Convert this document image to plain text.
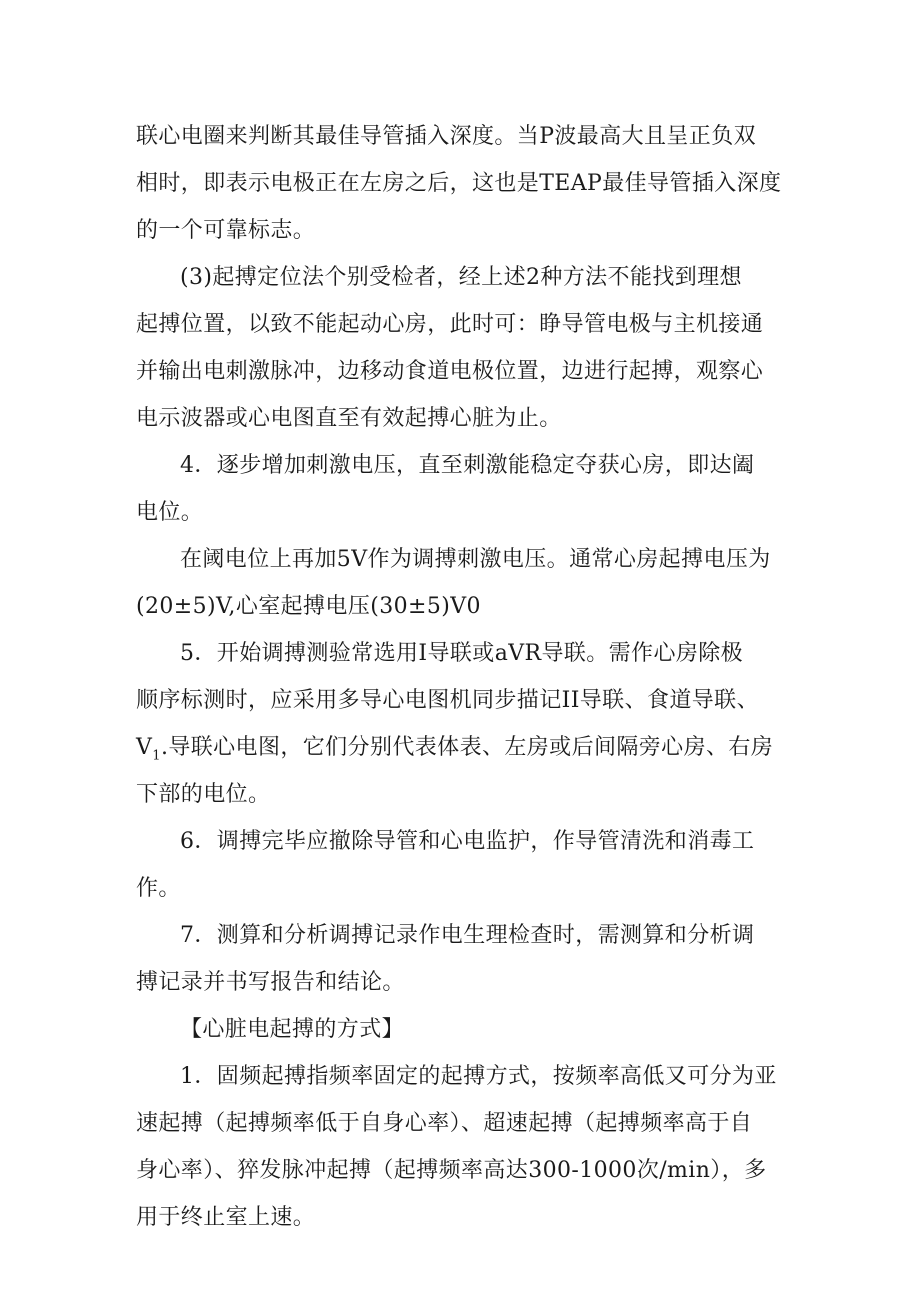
联心电圈来判断其最佳导管插入深度。当P波最高大且呈正负双
相时，即表示电极正在左房之后，这也是TEAP最佳导管插入深度
的一个可靠标志。

(3)起搏定位法个别受检者，经上述2种方法不能找到理想
起搏位置，以致不能起动心房，此时可：睁导管电极与主机接通
并输出电刺激脉冲，边移动食道电极位置，边进行起搏，观察心
电示波器或心电图直至有效起搏心脏为止。

4．逐步增加刺激电压，直至刺激能稳定夺获心房，即达阖
电位。

在阈电位上再加5V作为调搏刺激电压。通常心房起搏电压为
(20±5)V,心室起搏电压(30±5)V0

5．开始调搏测验常选用I导联或aVR导联。需作心房除极
顺序标测时，应采用多导心电图机同步描记II导联、食道导联、
$V_1$.导联心电图，它们分别代表体表、左房或后间隔旁心房、右房
下部的电位。

6．调搏完毕应撤除导管和心电监护，作导管清洗和消毒工
作。

7．测算和分析调搏记录作电生理检查时，需测算和分析调
搏记录并书写报告和结论。

【心脏电起搏的方式】

1．固频起搏指频率固定的起搏方式，按频率高低又可分为亚
速起搏（起搏频率低于自身心率）、超速起搏（起搏频率高于自
身心率）、猝发脉冲起搏（起搏频率高达300-1000次/min），多
用于终止室上速。
